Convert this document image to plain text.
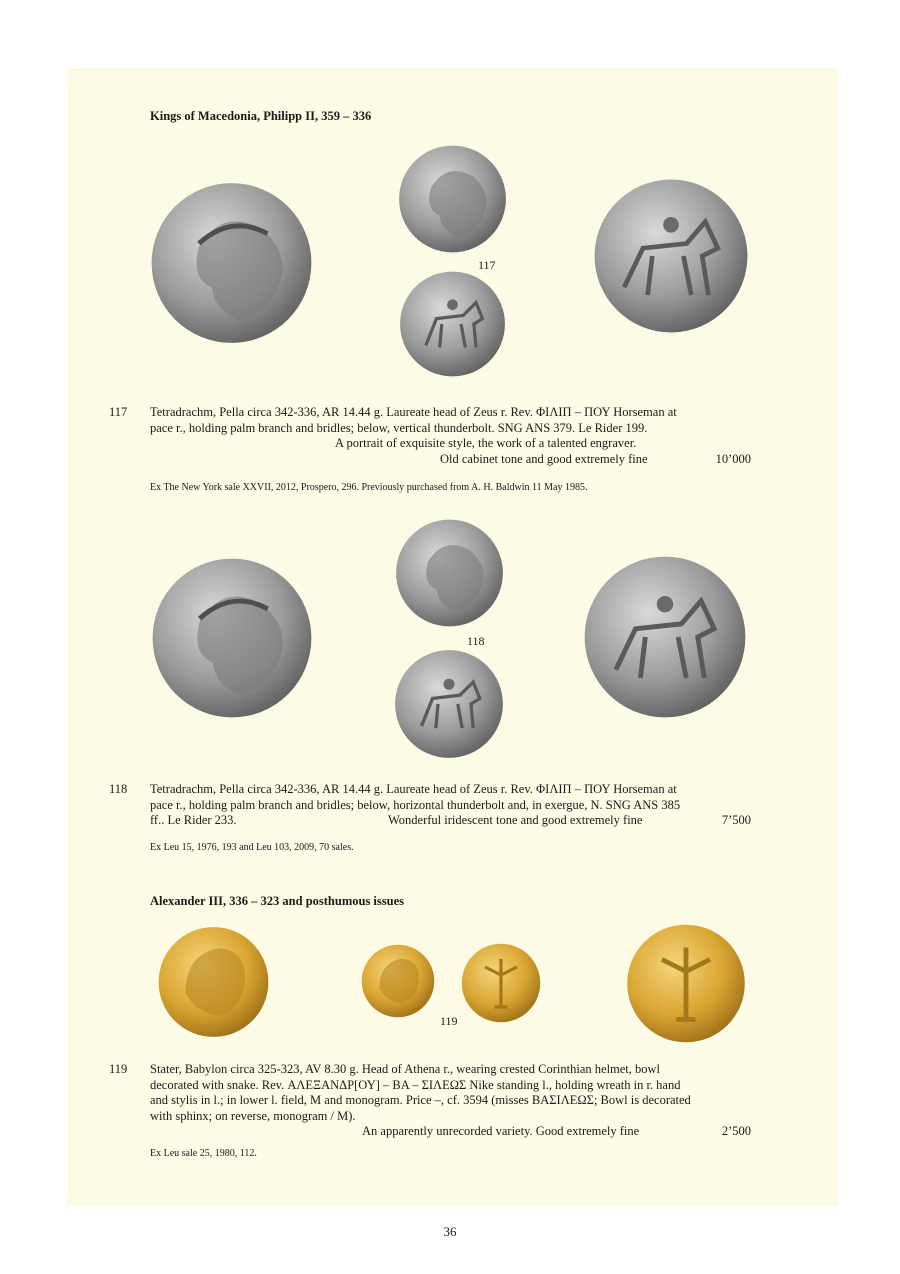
Kings of Macedonia, Philipp II, 359 – 336
117
117 Tetradrachm, Pella circa 342-336, AR 14.44 g. Laureate head of Zeus r. Rev. ΦΙΛΙΠ – ΠΟΥ Horseman at
pace r., holding palm branch and bridles; below, vertical thunderbolt. SNG ANS 379. Le Rider 199.
A portrait of exquisite style, the work of a talented engraver.
Old cabinet tone and good extremely fine	10’000
Ex The New York sale XXVII, 2012, Prospero, 296. Previously purchased from A. H. Baldwin 11 May 1985.
118
118 Tetradrachm, Pella circa 342-336, AR 14.44 g. Laureate head of Zeus r. Rev. ΦΙΛΙΠ – ΠΟΥ Horseman at
pace r., holding palm branch and bridles; below, horizontal thunderbolt and, in exergue, N. SNG ANS 385
ff.. Le Rider 233.	Wonderful iridescent tone and good extremely fine	7’500
Ex Leu 15, 1976, 193 and Leu 103, 2009, 70 sales.
Alexander III, 336 – 323 and posthumous issues
119
119 Stater, Babylon circa 325-323, AV 8.30 g. Head of Athena r., wearing crested Corinthian helmet, bowl
decorated with snake. Rev. ΑΛΕΞΑΝΔΡ[ΟΥ] – ΒΑ – ΣΙΛΕΩΣ Nike standing l., holding wreath in r. hand
and stylis in l.; in lower l. field, M and monogram. Price –, cf. 3594 (misses ΒΑΣΙΛΕΩΣ; Bowl is decorated
with sphinx; on reverse, monogram / M).
An apparently unrecorded variety. Good extremely fine	2’500
Ex Leu sale 25, 1980, 112.
36
